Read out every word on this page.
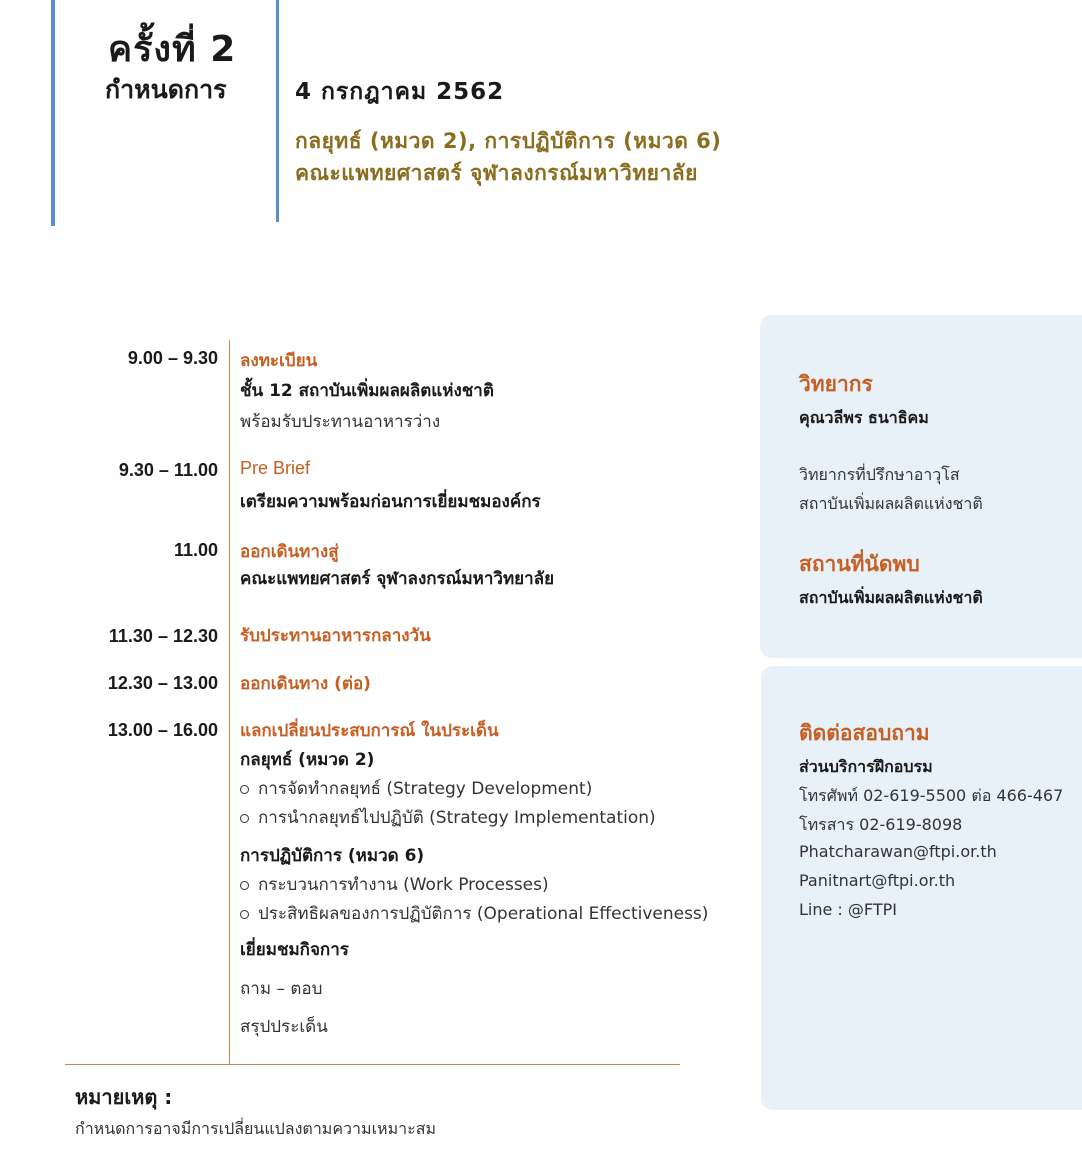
ครั้งที่ 2
กำหนดการ	4 กรกฎาคม 2562
กลยุทธ์ (หมวด 2), การปฏิบัติการ (หมวด 6)
คณะแพทยศาสตร์ จุฬาลงกรณ์มหาวิทยาลัย
9.00 – 9.30 ลงทะเบียน
ชั้น 12 สถาบันเพิ่มผลผลิตแห่งชาติ
พร้อมรับประทานอาหารว่าง
9.30 – 11.00 Pre Brief
เตรียมความพร้อมก่อนการเยี่ยมชมองค์กร
11.00 ออกเดินทางสู่
คณะแพทยศาสตร์ จุฬาลงกรณ์มหาวิทยาลัย
11.30 – 12.30 รับประทานอาหารกลางวัน
12.30 – 13.00 ออกเดินทาง (ต่อ)
13.00 – 16.00 แลกเปลี่ยนประสบการณ์ ในประเด็น
กลยุทธ์ (หมวด 2)
การจัดทำกลยุทธ์ (Strategy Development)
การนำกลยุทธ์ไปปฏิบัติ (Strategy Implementation)
การปฏิบัติการ (หมวด 6)
กระบวนการทำงาน (Work Processes)
ประสิทธิผลของการปฏิบัติการ (Operational Effectiveness)
เยี่ยมชมกิจการ
ถาม – ตอบ
สรุปประเด็น
หมายเหตุ :
กำหนดการอาจมีการเปลี่ยนแปลงตามความเหมาะสม
วิทยากร
คุณวลีพร ธนาธิคม
วิทยากรที่ปรึกษาอาวุโส
สถาบันเพิ่มผลผลิตแห่งชาติ
สถานที่นัดพบ
สถาบันเพิ่มผลผลิตแห่งชาติ
ติดต่อสอบถาม
ส่วนบริการฝึกอบรม
โทรศัพท์ 02-619-5500 ต่อ 466-467
โทรสาร 02-619-8098
Phatcharawan@ftpi.or.th
Panitnart@ftpi.or.th
Line : @FTPI
